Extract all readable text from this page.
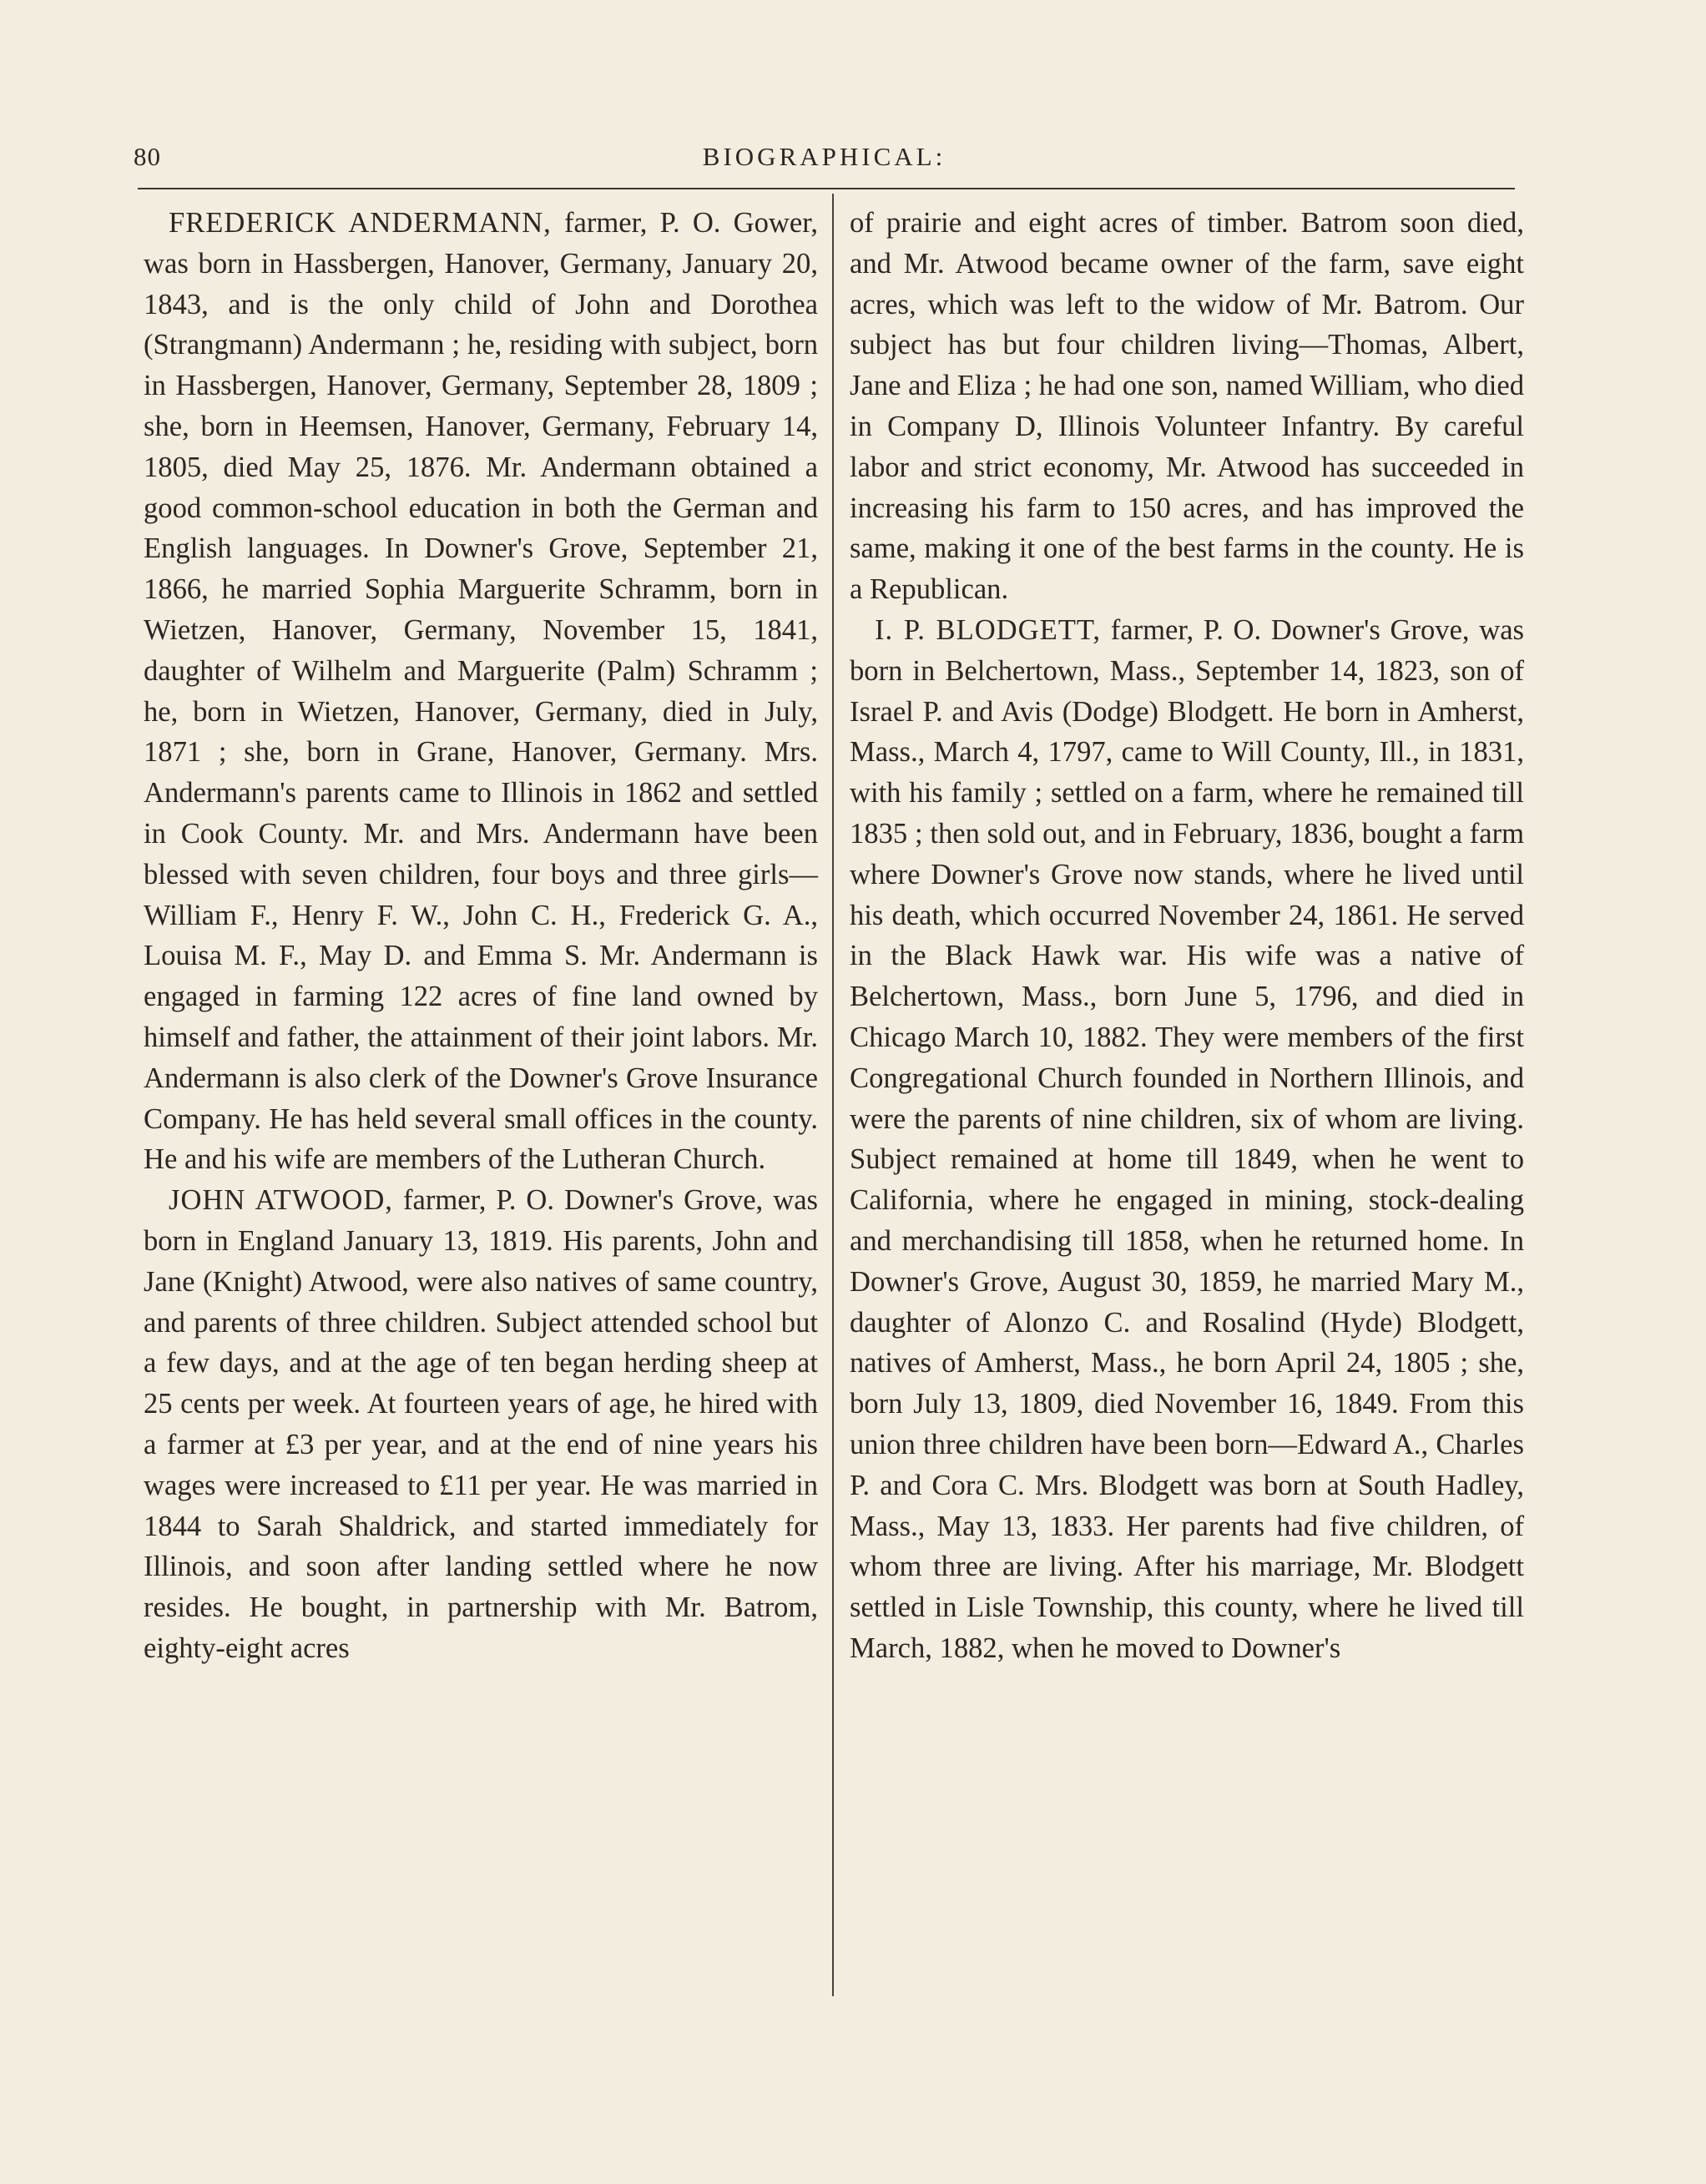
80	BIOGRAPHICAL:

FREDERICK ANDERMANN, farmer, P. O. Gower, was born in Hassbergen, Hanover, Germany, January 20, 1843, and is the only child of John and Dorothea (Strangmann) Andermann ; he, residing with subject, born in Hassbergen, Hanover, Germany, September 28, 1809 ; she, born in Heemsen, Hanover, Germany, February 14, 1805, died May 25, 1876. Mr. Andermann obtained a good common-school education in both the German and English languages. In Downer's Grove, September 21, 1866, he married Sophia Marguerite Schramm, born in Wietzen, Hanover, Germany, November 15, 1841, daughter of Wilhelm and Marguerite (Palm) Schramm ; he, born in Wietzen, Hanover, Germany, died in July, 1871 ; she, born in Grane, Hanover, Germany. Mrs. Andermann's parents came to Illinois in 1862 and settled in Cook County. Mr. and Mrs. Andermann have been blessed with seven children, four boys and three girls—William F., Henry F. W., John C. H., Frederick G. A., Louisa M. F., May D. and Emma S. Mr. Andermann is engaged in farming 122 acres of fine land owned by himself and father, the attainment of their joint labors. Mr. Andermann is also clerk of the Downer's Grove Insurance Company. He has held several small offices in the county. He and his wife are members of the Lutheran Church.

JOHN ATWOOD, farmer, P. O. Downer's Grove, was born in England January 13, 1819. His parents, John and Jane (Knight) Atwood, were also natives of same country, and parents of three children. Subject attended school but a few days, and at the age of ten began herding sheep at 25 cents per week. At fourteen years of age, he hired with a farmer at £3 per year, and at the end of nine years his wages were increased to £11 per year. He was married in 1844 to Sarah Shaldrick, and started immediately for Illinois, and soon after landing settled where he now resides. He bought, in partnership with Mr. Batrom, eighty-eight acres

of prairie and eight acres of timber. Batrom soon died, and Mr. Atwood became owner of the farm, save eight acres, which was left to the widow of Mr. Batrom. Our subject has but four children living—Thomas, Albert, Jane and Eliza ; he had one son, named William, who died in Company D, Illinois Volunteer Infantry. By careful labor and strict economy, Mr. Atwood has succeeded in increasing his farm to 150 acres, and has improved the same, making it one of the best farms in the county. He is a Republican.

I. P. BLODGETT, farmer, P. O. Downer's Grove, was born in Belchertown, Mass., September 14, 1823, son of Israel P. and Avis (Dodge) Blodgett. He born in Amherst, Mass., March 4, 1797, came to Will County, Ill., in 1831, with his family ; settled on a farm, where he remained till 1835 ; then sold out, and in February, 1836, bought a farm where Downer's Grove now stands, where he lived until his death, which occurred November 24, 1861. He served in the Black Hawk war. His wife was a native of Belchertown, Mass., born June 5, 1796, and died in Chicago March 10, 1882. They were members of the first Congregational Church founded in Northern Illinois, and were the parents of nine children, six of whom are living. Subject remained at home till 1849, when he went to California, where he engaged in mining, stock-dealing and merchandising till 1858, when he returned home. In Downer's Grove, August 30, 1859, he married Mary M., daughter of Alonzo C. and Rosalind (Hyde) Blodgett, natives of Amherst, Mass., he born April 24, 1805 ; she, born July 13, 1809, died November 16, 1849. From this union three children have been born—Edward A., Charles P. and Cora C. Mrs. Blodgett was born at South Hadley, Mass., May 13, 1833. Her parents had five children, of whom three are living. After his marriage, Mr. Blodgett settled in Lisle Township, this county, where he lived till March, 1882, when he moved to Downer's
